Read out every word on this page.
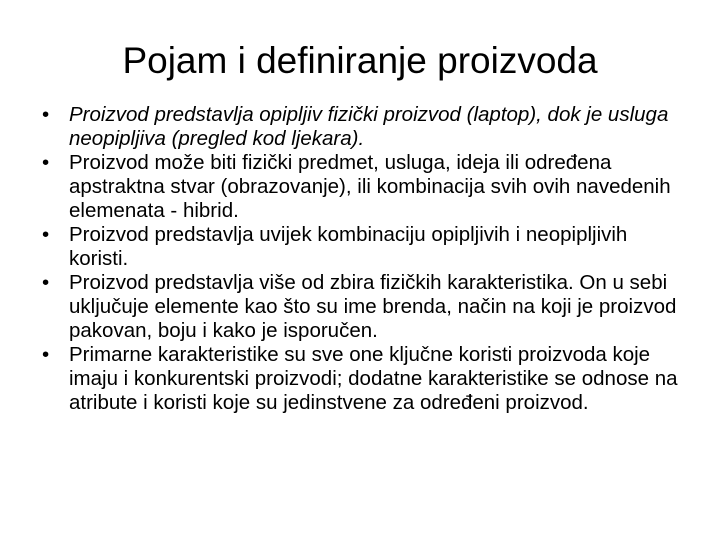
Pojam i definiranje proizvoda
• Proizvod predstavlja opipljiv fizički proizvod (laptop), dok je usluga neopipljiva (pregled kod ljekara).
• Proizvod može biti fizički predmet, usluga, ideja ili određena apstraktna stvar (obrazovanje), ili kombinacija svih ovih navedenih elemenata - hibrid.
• Proizvod predstavlja uvijek kombinaciju opipljivih i neopipljivih koristi.
• Proizvod predstavlja više od zbira fizičkih karakteristika. On u sebi uključuje elemente kao što su ime brenda, način na koji je proizvod pakovan, boju i kako je isporučen.
• Primarne karakteristike su sve one ključne koristi proizvoda koje imaju i konkurentski proizvodi; dodatne karakteristike se odnose na atribute i koristi koje su jedinstvene za određeni proizvod.
